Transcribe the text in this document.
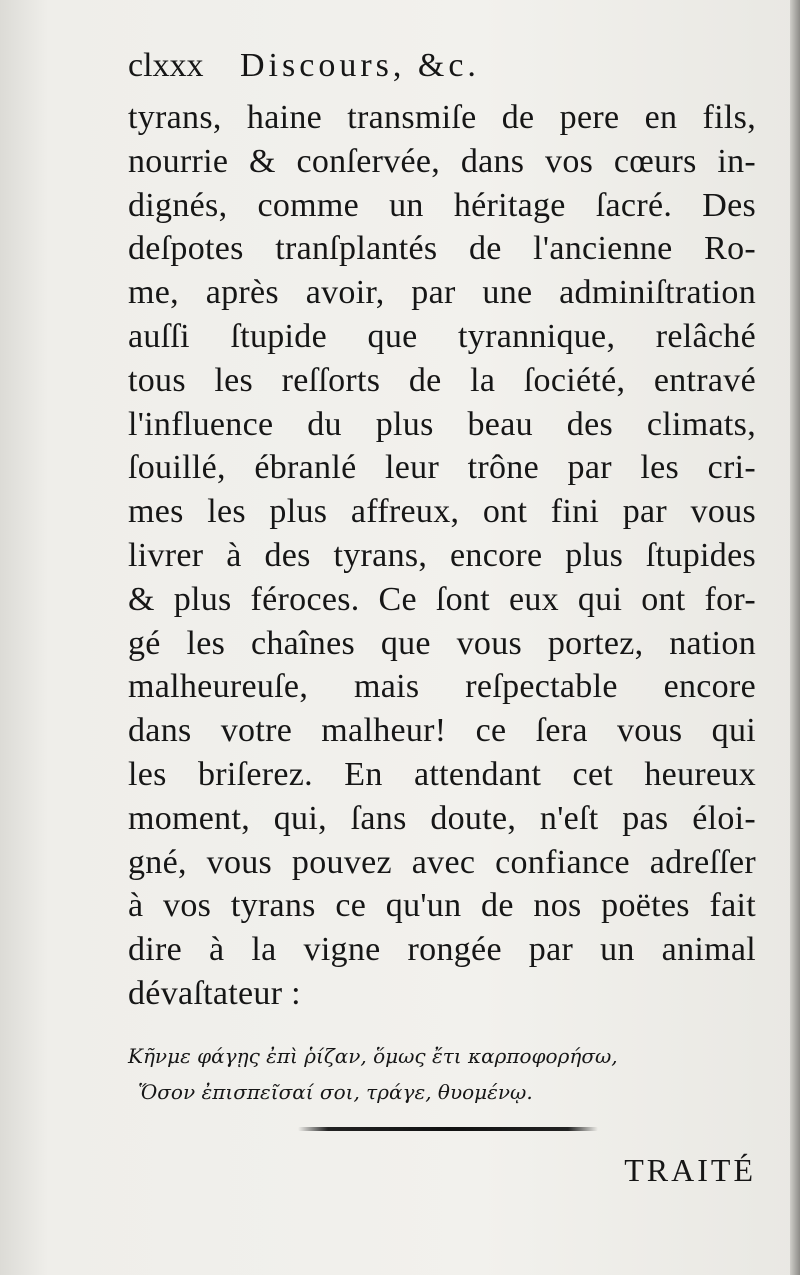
clxxx Discours, &c.
tyrans, haine transmiſe de pere en fils,
nourrie & conſervée, dans vos cœurs in-
dignés, comme un héritage ſacré. Des
deſpotes tranſplantés de l'ancienne Ro-
me, après avoir, par une adminiſtration
auſſi ſtupide que tyrannique, relâché
tous les reſſorts de la ſociété, entravé
l'influence du plus beau des climats,
ſouillé, ébranlé leur trône par les cri-
mes les plus affreux, ont fini par vous
livrer à des tyrans, encore plus ſtupides
& plus féroces. Ce ſont eux qui ont for-
gé les chaînes que vous portez, nation
malheureuſe, mais reſpectable encore
dans votre malheur! ce ſera vous qui
les briſerez. En attendant cet heureux
moment, qui, ſans doute, n'eſt pas éloi-
gné, vous pouvez avec confiance adreſſer
à vos tyrans ce qu'un de nos poëtes fait
dire à la vigne rongée par un animal
dévaſtateur :
Κῆνμε φάγῃς ἐπὶ ῥίζαν, ὅμως ἔτι καρποφορήσω,
Ὅσον ἐπισπεῖσαί σοι, τράγε, θυομένῳ.
TRAITÉ
